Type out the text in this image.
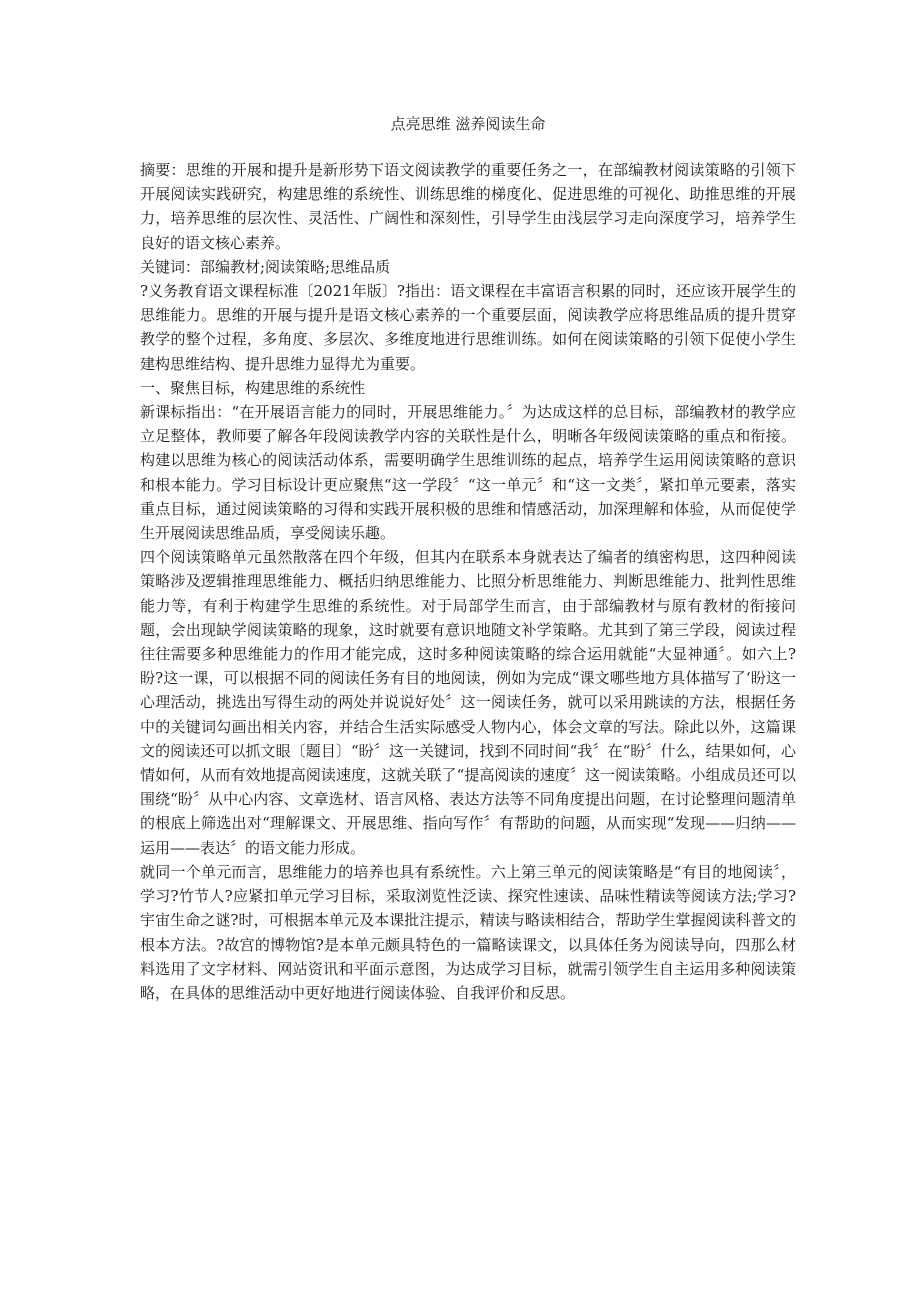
点亮思维 滋养阅读生命

摘要：思维的开展和提升是新形势下语文阅读教学的重要任务之一，在部编教材阅读策略的引领下开展阅读实践研究，构建思维的系统性、训练思维的梯度化、促进思维的可视化、助推思维的开展力，培养思维的层次性、灵活性、广阔性和深刻性，引导学生由浅层学习走向深度学习，培养学生良好的语文核心素养。

关键词：部编教材;阅读策略;思维品质

?义务教育语文课程标准〔2021年版〕?指出：语文课程在丰富语言积累的同时，还应该开展学生的思维能力。思维的开展与提升是语文核心素养的一个重要层面，阅读教学应将思维品质的提升贯穿教学的整个过程，多角度、多层次、多维度地进行思维训练。如何在阅读策略的引领下促使小学生建构思维结构、提升思维力显得尤为重要。

一、聚焦目标，构建思维的系统性

新课标指出：“在开展语言能力的同时，开展思维能力。〞为达成这样的总目标，部编教材的教学应立足整体，教师要了解各年段阅读教学内容的关联性是什么，明晰各年级阅读策略的重点和衔接。构建以思维为核心的阅读活动体系，需要明确学生思维训练的起点，培养学生运用阅读策略的意识和根本能力。学习目标设计更应聚焦“这一学段〞“这一单元〞和“这一文类〞，紧扣单元要素，落实重点目标，通过阅读策略的习得和实践开展积极的思维和情感活动，加深理解和体验，从而促使学生开展阅读思维品质，享受阅读乐趣。

四个阅读策略单元虽然散落在四个年级，但其内在联系本身就表达了编者的缜密构思，这四种阅读策略涉及逻辑推理思维能力、概括归纳思维能力、比照分析思维能力、判断思维能力、批判性思维能力等，有利于构建学生思维的系统性。对于局部学生而言，由于部编教材与原有教材的衔接问题，会出现缺学阅读策略的现象，这时就要有意识地随文补学策略。尤其到了第三学段，阅读过程往往需要多种思维能力的作用才能完成，这时多种阅读策略的综合运用就能“大显神通〞。如六上?盼?这一课，可以根据不同的阅读任务有目的地阅读，例如为完成“课文哪些地方具体描写了‘盼这一心理活动，挑选出写得生动的两处并说说好处〞这一阅读任务，就可以采用跳读的方法，根据任务中的关键词勾画出相关内容，并结合生活实际感受人物内心，体会文章的写法。除此以外，这篇课文的阅读还可以抓文眼〔题目〕“盼〞这一关键词，找到不同时间“我〞在“盼〞什么，结果如何，心情如何，从而有效地提高阅读速度，这就关联了“提高阅读的速度〞这一阅读策略。小组成员还可以围绕“盼〞从中心内容、文章选材、语言风格、表达方法等不同角度提出问题，在讨论整理问题清单的根底上筛选出对“理解课文、开展思维、指向写作〞有帮助的问题，从而实现“发现——归纳——运用——表达〞的语文能力形成。

就同一个单元而言，思维能力的培养也具有系统性。六上第三单元的阅读策略是“有目的地阅读〞，学习?竹节人?应紧扣单元学习目标，采取浏览性泛读、探究性速读、品味性精读等阅读方法;学习?宇宙生命之谜?时，可根据本单元及本课批注提示，精读与略读相结合，帮助学生掌握阅读科普文的根本方法。?故宫的博物馆?是本单元颇具特色的一篇略读课文，以具体任务为阅读导向，四那么材料选用了文字材料、网站资讯和平面示意图，为达成学习目标，就需引领学生自主运用多种阅读策略，在具体的思维活动中更好地进行阅读体验、自我评价和反思。
